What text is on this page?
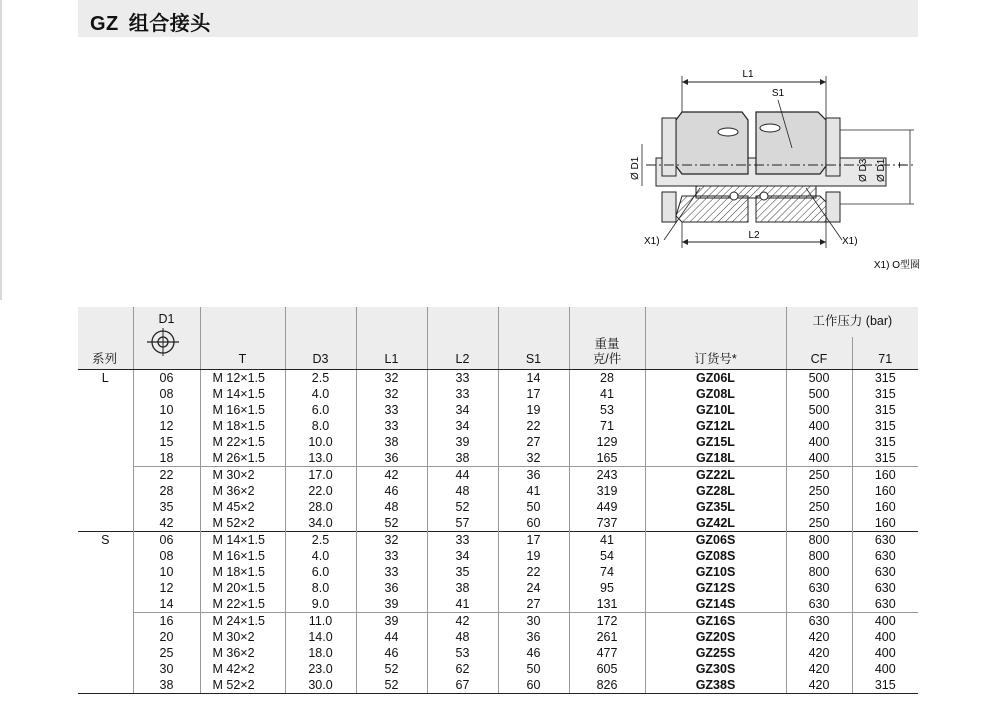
GZ 组合接头
L1
S1
L2
X1)	X1)
Ø D1	Ø D3 Ø D1 T
X1) O型圈
系列	D1								工作压力 (bar)	

		T	D3	L1	L2	S1	重量
克/件	订货号*	CF	71
L	06	M 12×1.5	2.5	32	33	14	28	GZ06L	500	315
	08	M 14×1.5	4.0	32	33	17	41	GZ08L	500	315
	10	M 16×1.5	6.0	33	34	19	53	GZ10L	500	315
	12	M 18×1.5	8.0	33	34	22	71	GZ12L	400	315
	15	M 22×1.5	10.0	38	39	27	129	GZ15L	400	315
	18	M 26×1.5	13.0	36	38	32	165	GZ18L	400	315
	22	M 30×2	17.0	42	44	36	243	GZ22L	250	160
	28	M 36×2	22.0	46	48	41	319	GZ28L	250	160
	35	M 45×2	28.0	48	52	50	449	GZ35L	250	160
	42	M 52×2	34.0	52	57	60	737	GZ42L	250	160
S	06	M 14×1.5	2.5	32	33	17	41	GZ06S	800	630
	08	M 16×1.5	4.0	33	34	19	54	GZ08S	800	630
	10	M 18×1.5	6.0	33	35	22	74	GZ10S	800	630
	12	M 20×1.5	8.0	36	38	24	95	GZ12S	630	630
	14	M 22×1.5	9.0	39	41	27	131	GZ14S	630	630
	16	M 24×1.5	11.0	39	42	30	172	GZ16S	630	400
	20	M 30×2	14.0	44	48	36	261	GZ20S	420	400
	25	M 36×2	18.0	46	53	46	477	GZ25S	420	400
	30	M 42×2	23.0	52	62	50	605	GZ30S	420	400
	38	M 52×2	30.0	52	67	60	826	GZ38S	420	315
